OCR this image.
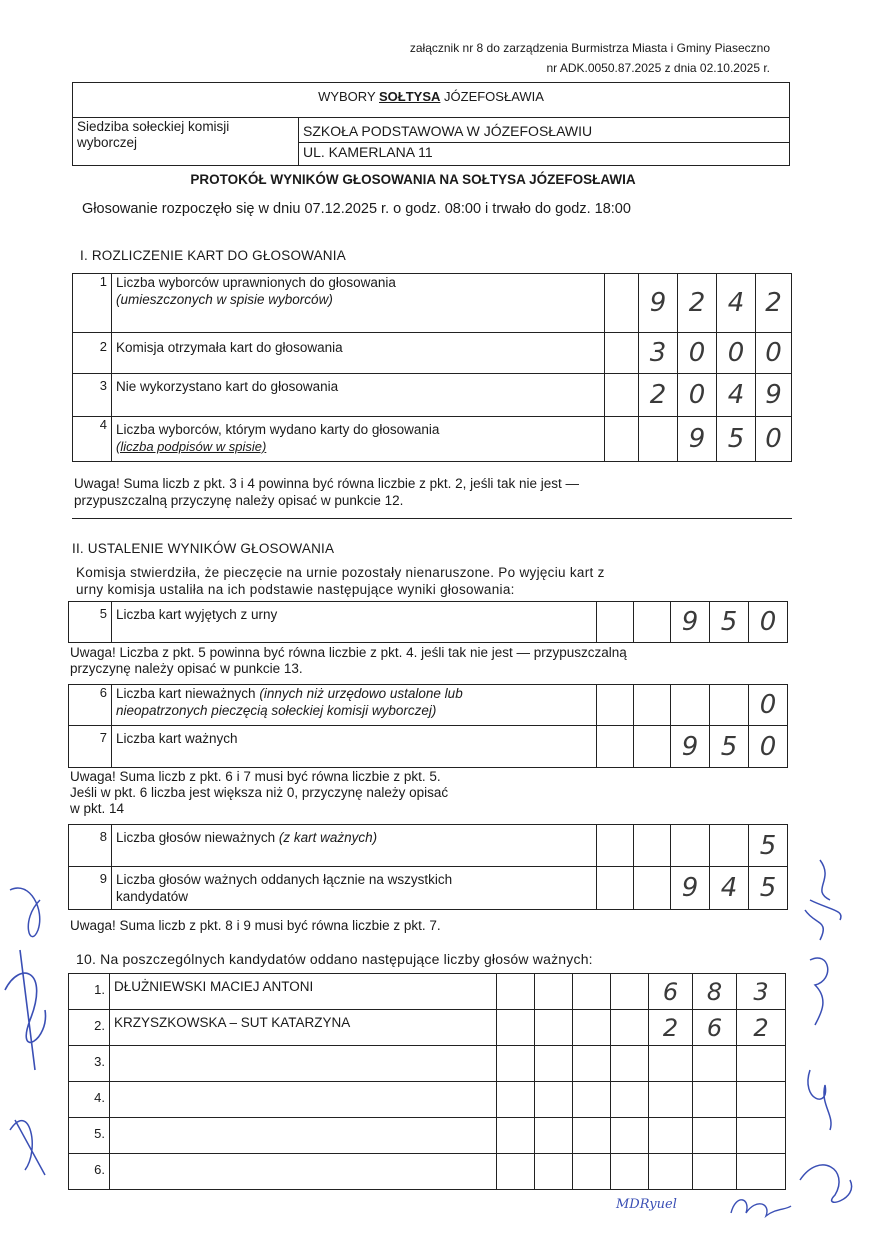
załącznik nr 8 do zarządzenia Burmistrza Miasta i Gminy Piaseczno
nr ADK.0050.87.2025 z dnia 02.10.2025 r.
WYBORY SOŁTYSA JÓZEFOSŁAWIA
Siedziba sołeckiej komisji wyborczej
SZKOŁA PODSTAWOWA W JÓZEFOSŁAWIU
UL. KAMERLANA 11
PROTOKÓŁ WYNIKÓW GŁOSOWANIA NA SOŁTYSA JÓZEFOSŁAWIA
Głosowanie rozpoczęło się w dniu 07.12.2025 r. o godz. 08:00 i trwało do godz. 18:00
I. ROZLICZENIE KART DO GŁOSOWANIA
1 Liczba wyborców uprawnionych do głosowania
(umieszczonych w spisie wyborców)	9 2 4 2
2 Komisja otrzymała kart do głosowania	3 0 0 0
3 Nie wykorzystano kart do głosowania	2 0 4 9
4 Liczba wyborców, którym wydano karty do głosowania
(liczba podpisów w spisie)	9 5 0
Uwaga! Suma liczb z pkt. 3 i 4 powinna być równa liczbie z pkt. 2, jeśli tak nie jest —
przypuszczalną przyczynę należy opisać w punkcie 12.
II. USTALENIE WYNIKÓW GŁOSOWANIA
Komisja stwierdziła, że pieczęcie na urnie pozostały nienaruszone. Po wyjęciu kart z
urny komisja ustaliła na ich podstawie następujące wyniki głosowania:
5 Liczba kart wyjętych z urny	9 5 0
Uwaga! Liczba z pkt. 5 powinna być równa liczbie z pkt. 4. jeśli tak nie jest — przypuszczalną
przyczynę należy opisać w punkcie 13.
6 Liczba kart nieważnych (innych niż urzędowo ustalone lub
nieopatrzonych pieczęcią sołeckiej komisji wyborczej)	0
7 Liczba kart ważnych	9 5 0
Uwaga! Suma liczb z pkt. 6 i 7 musi być równa liczbie z pkt. 5.
Jeśli w pkt. 6 liczba jest większa niż 0, przyczynę należy opisać
w pkt. 14
8 Liczba głosów nieważnych (z kart ważnych)	5
9 Liczba głosów ważnych oddanych łącznie na wszystkich
kandydatów	9 4 5
Uwaga! Suma liczb z pkt. 8 i 9 musi być równa liczbie z pkt. 7.
10. Na poszczególnych kandydatów oddano następujące liczby głosów ważnych:
1. DŁUŻNIEWSKI MACIEJ ANTONI	6	8	3
2. KRZYSZKOWSKA – SUT KATARZYNA	2	6	2
3.
4.
5.
6.
MDRyuel
